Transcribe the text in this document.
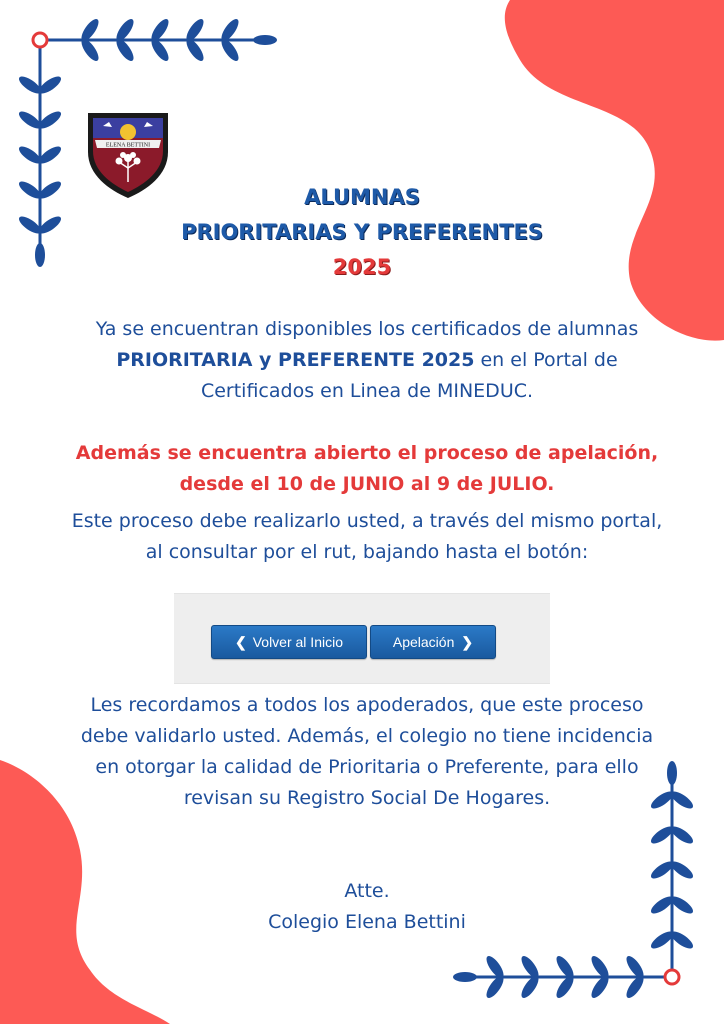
ELENA BETTINI
ALUMNAS
PRIORITARIAS Y PREFERENTES
2025
Ya se encuentran disponibles los certificados de alumnas PRIORITARIA y PREFERENTE 2025 en el Portal de Certificados en Linea de MINEDUC.
Además se encuentra abierto el proceso de apelación, desde el 10 de JUNIO al 9 de JULIO.
Este proceso debe realizarlo usted, a través del mismo portal, al consultar por el rut, bajando hasta el botón:
❮ Volver al Inicio	Apelación ❯
Les recordamos a todos los apoderados, que este proceso debe validarlo usted. Además, el colegio no tiene incidencia en otorgar la calidad de Prioritaria o Preferente, para ello revisan su Registro Social De Hogares.
Atte.
Colegio Elena Bettini
